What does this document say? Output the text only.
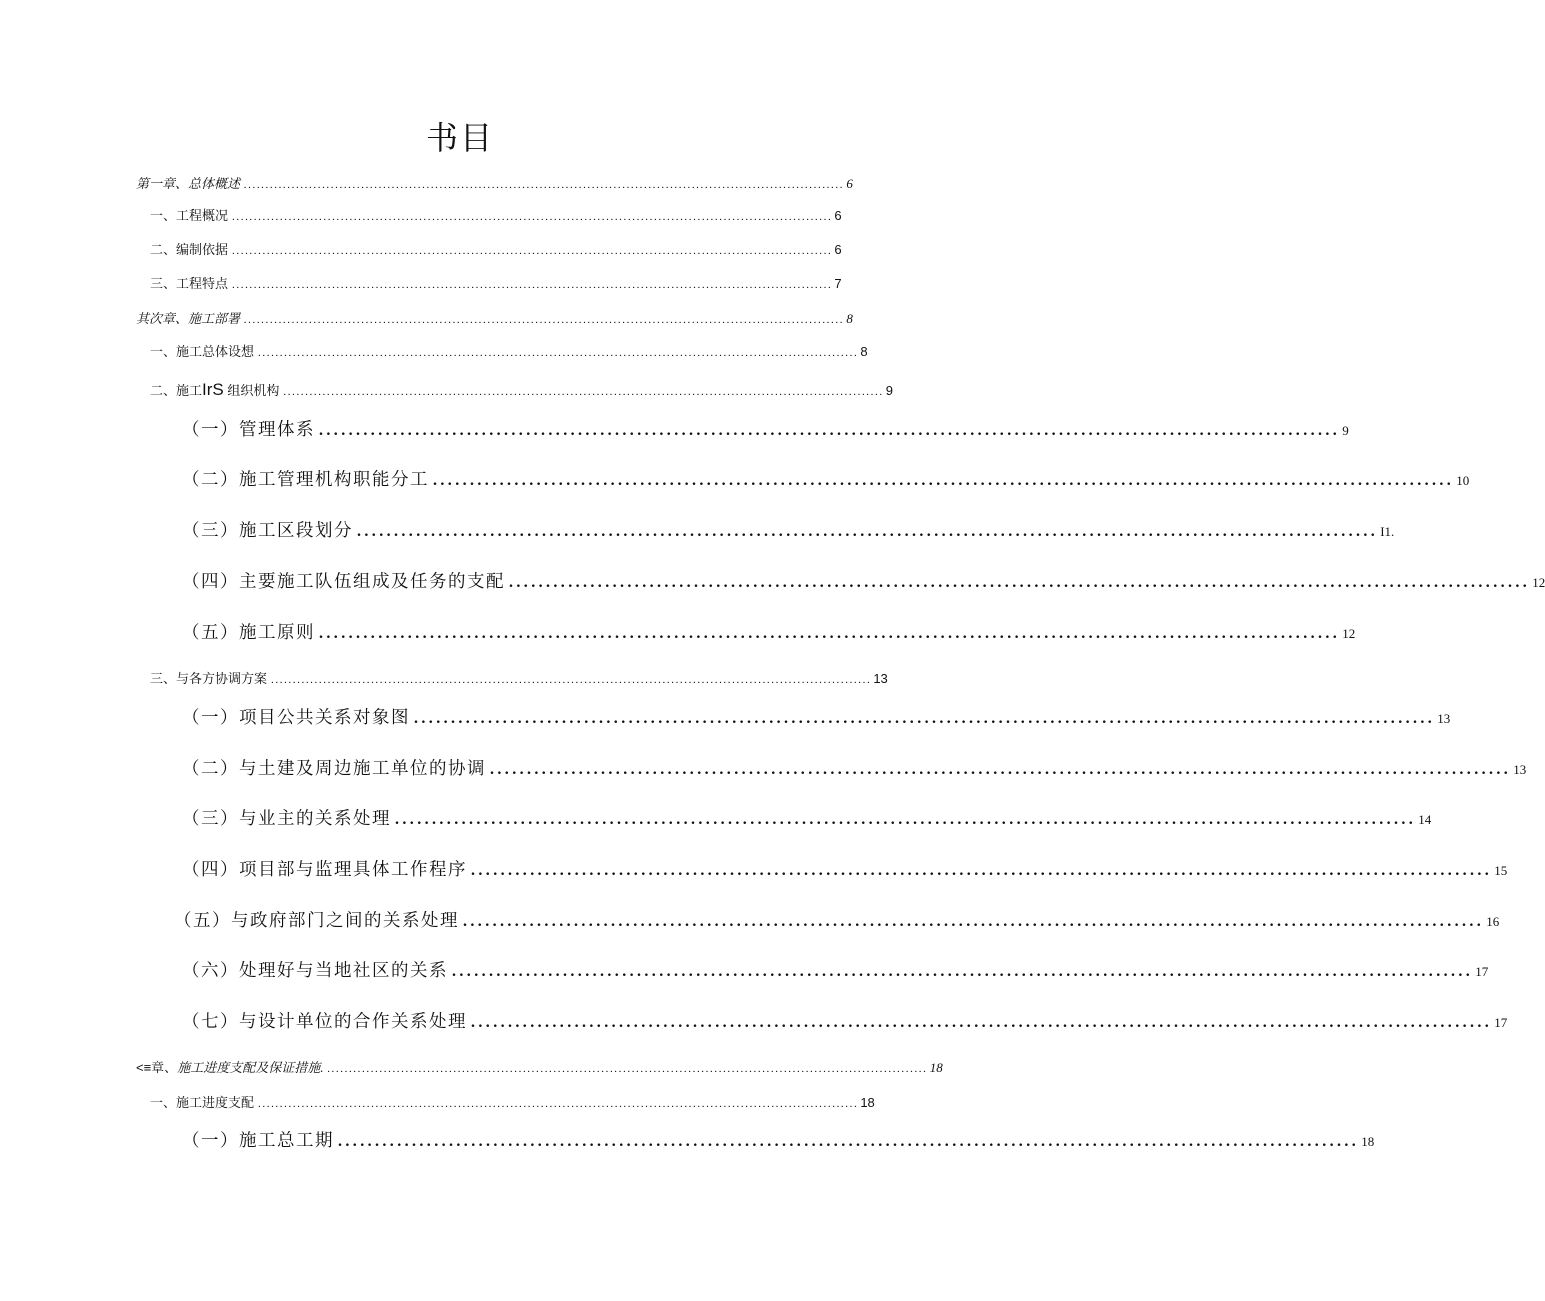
书目
第一章、总体概述 .......................................................................................................................................... 6
一、工程概况 .......................................................................................................................................... 6
二、编制依据 .......................................................................................................................................... 6
三、工程特点 .......................................................................................................................................... 7
其次章、施工部署 .......................................................................................................................................... 8
一、施工总体设想 .......................................................................................................................................... 8
二、施工IrS 组织机构 .......................................................................................................................................... 9
（一）管理体系 .......................................................................................................................................... 9
（二）施工管理机构职能分工 .......................................................................................................................................... 10
（三）施工区段划分 .......................................................................................................................................... I1.
（四）主要施工队伍组成及任务的支配 .......................................................................................................................................... 12
（五）施工原则 .......................................................................................................................................... 12
三、与各方协调方案 .......................................................................................................................................... 13
（一）项目公共关系对象图 .......................................................................................................................................... 13
（二）与土建及周边施工单位的协调 .......................................................................................................................................... 13
（三）与业主的关系处理 .......................................................................................................................................... 14
（四）项目部与监理具体工作程序 .......................................................................................................................................... 15
（五）与政府部门之间的关系处理 .......................................................................................................................................... 16
（六）处理好与当地社区的关系 .......................................................................................................................................... 17
（七）与设计单位的合作关系处理 .......................................................................................................................................... 17
<≡章、施工进度支配及保证措施. .......................................................................................................................................... 18
一、施工进度支配 .......................................................................................................................................... 18
（一）施工总工期 .......................................................................................................................................... 18
